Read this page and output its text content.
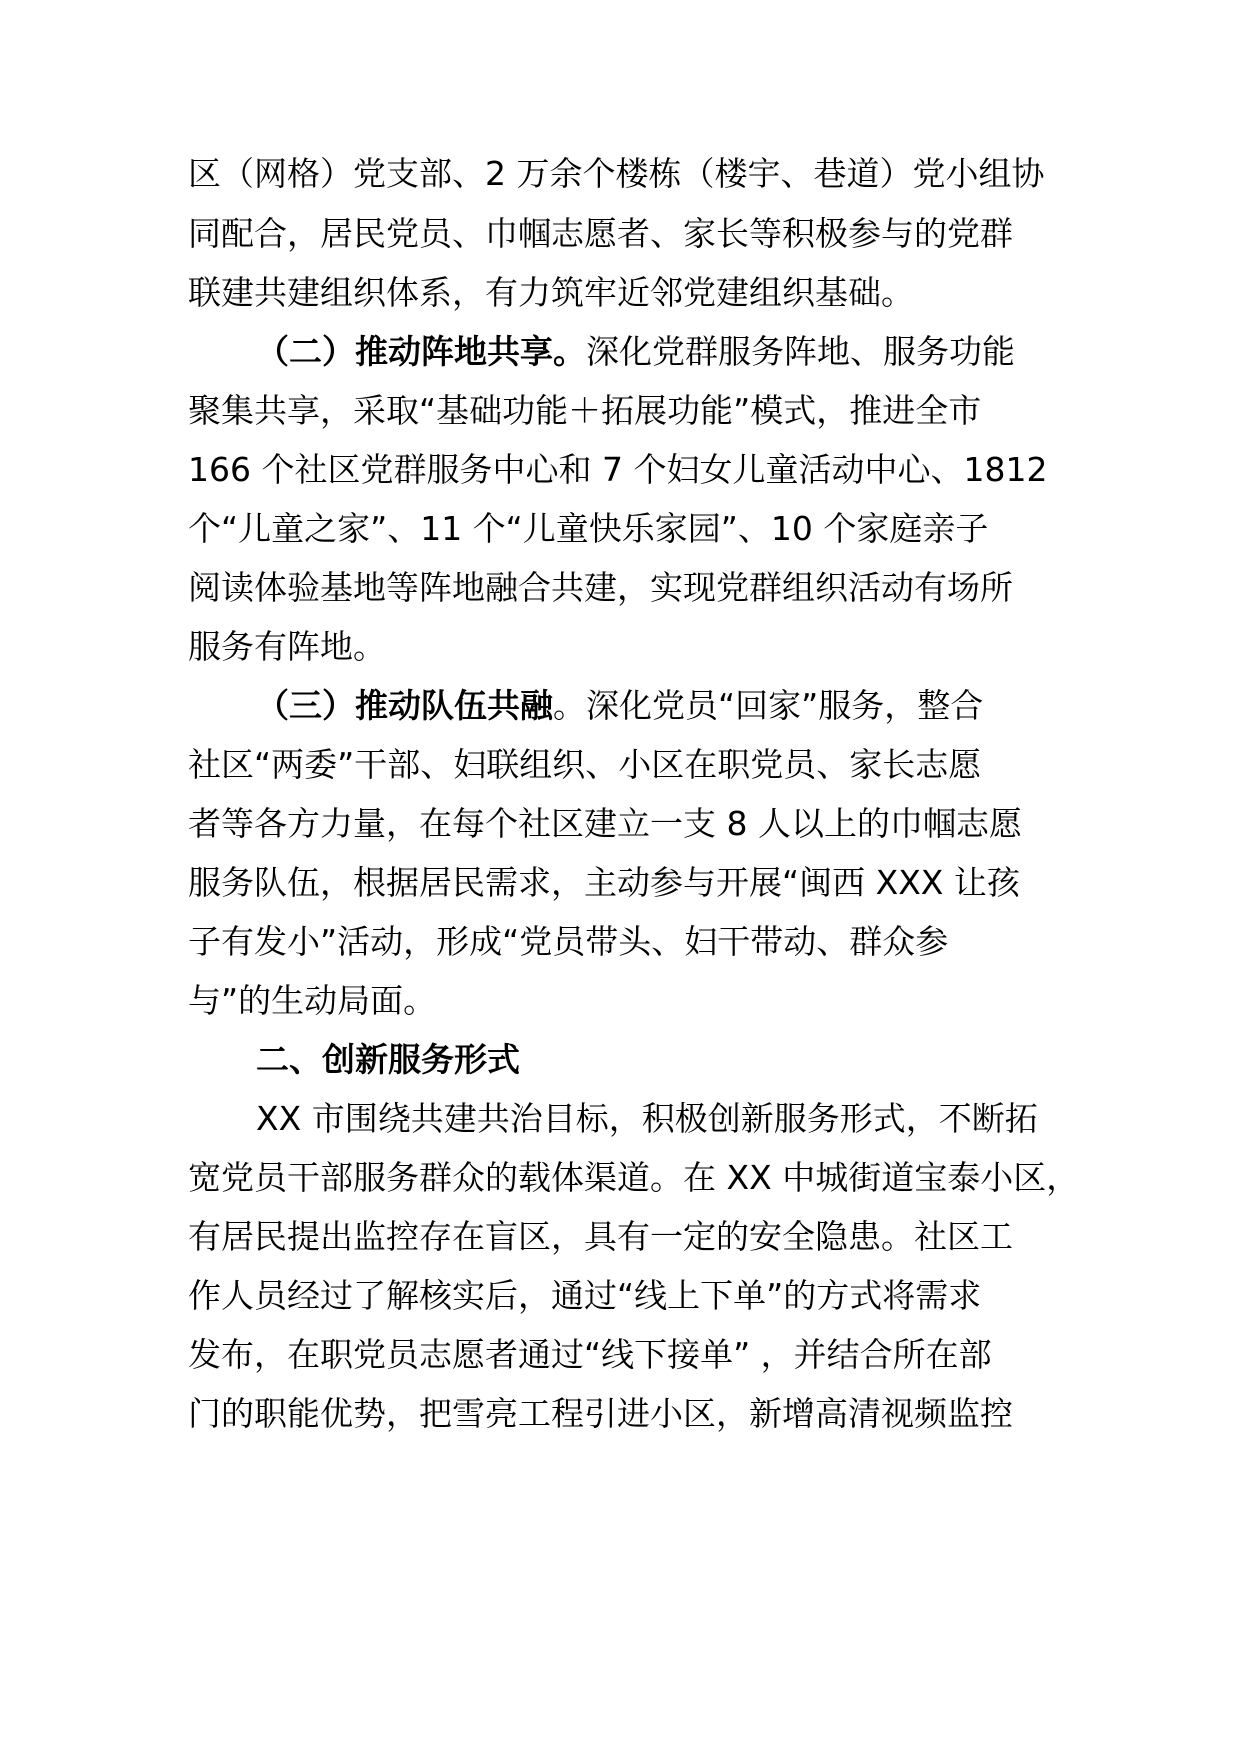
区（网格）党支部、2 万余个楼栋（楼宇、巷道）党小组协
同配合，居民党员、巾帼志愿者、家长等积极参与的党群
联建共建组织体系，有力筑牢近邻党建组织基础。
（二）推动阵地共享。深化党群服务阵地、服务功能
聚集共享，采取“基础功能＋拓展功能”模式，推进全市
166 个社区党群服务中心和 7 个妇女儿童活动中心、1812
个“儿童之家”、11 个“儿童快乐家园”、10 个家庭亲子
阅读体验基地等阵地融合共建，实现党群组织活动有场所
服务有阵地。
（三）推动队伍共融。深化党员“回家”服务，整合
社区“两委”干部、妇联组织、小区在职党员、家长志愿
者等各方力量，在每个社区建立一支 8 人以上的巾帼志愿
服务队伍，根据居民需求，主动参与开展“闽西 XXX 让孩
子有发小”活动，形成“党员带头、妇干带动、群众参
与”的生动局面。
二、创新服务形式
XX 市围绕共建共治目标，积极创新服务形式，不断拓
宽党员干部服务群众的载体渠道。在 XX 中城街道宝泰小区，
有居民提出监控存在盲区，具有一定的安全隐患。社区工
作人员经过了解核实后，通过“线上下单”的方式将需求
发布，在职党员志愿者通过“线下接单” ，并结合所在部
门的职能优势，把雪亮工程引进小区，新增高清视频监控
